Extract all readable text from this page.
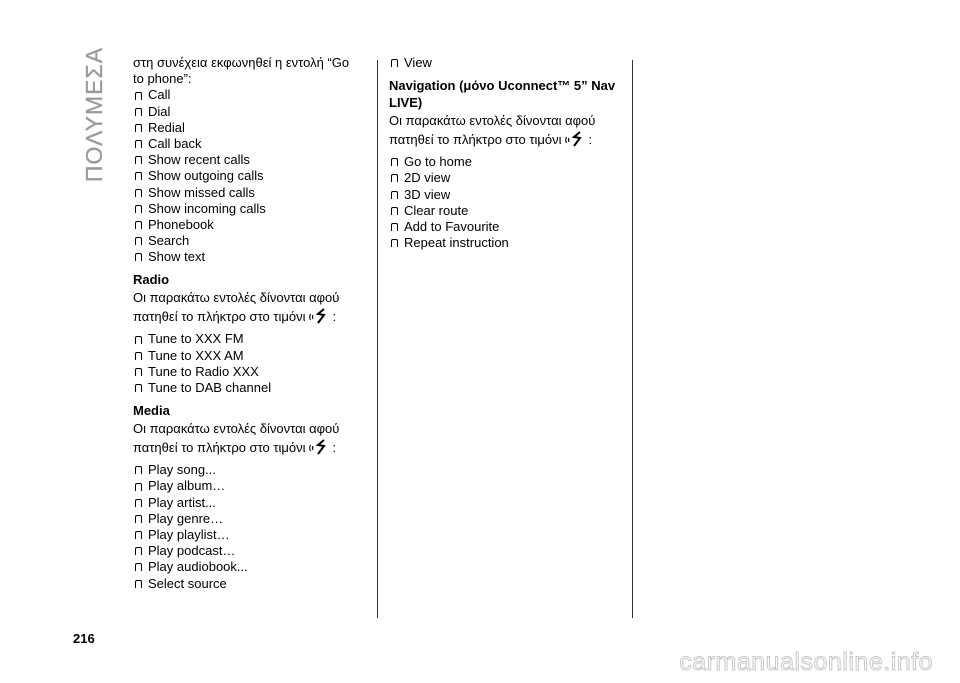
ΠΟΛΥΜΕΣΑ στη συνέχεια εκφωνηθεί η εντολή “Go to phone”:

Call
Dial
Redial
Call back
Show recent calls
Show outgoing calls
Show missed calls
Show incoming calls
Phonebook
Search
Show text

Radio

Οι παρακάτω εντολές δίνονται αφού πατηθεί το πλήκτρο στο τιμόνι :

Tune to XXX FM
Tune to XXX AM
Tune to Radio XXX
Tune to DAB channel

Media

Οι παρακάτω εντολές δίνονται αφού πατηθεί το πλήκτρο στο τιμόνι :

Play song...
Play album…
Play artist...
Play genre…
Play playlist…
Play podcast…
Play audiobook...
Select source
View

Navigation (μόνο Uconnect™ 5” Nav LIVE)

Οι παρακάτω εντολές δίνονται αφού πατηθεί το πλήκτρο στο τιμόνι :

Go to home
2D view
3D view
Clear route
Add to Favourite
Repeat instruction
216
carmanualsonline.info
